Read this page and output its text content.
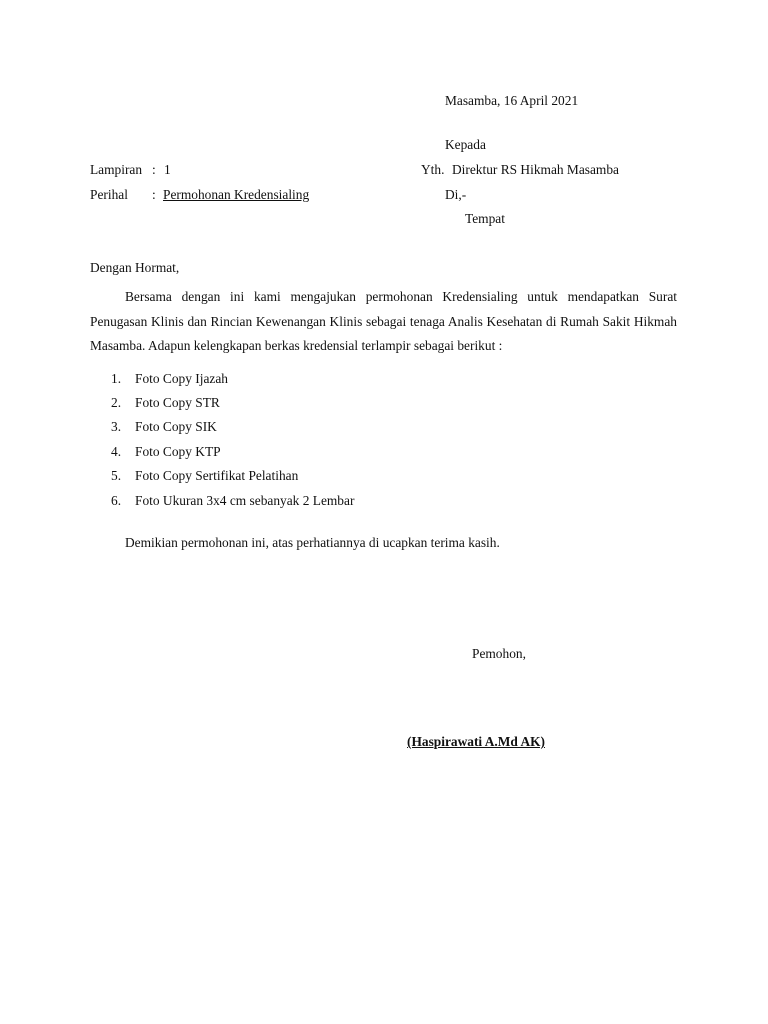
Masamba, 16 April 2021
Kepada
Lampiran : 1	Yth. Direktur RS Hikmah Masamba
Perihal : Permohonan Kredensialing	Di,-
Tempat
Dengan Hormat,

Bersama dengan ini kami mengajukan permohonan Kredensialing untuk mendapatkan Surat Penugasan Klinis dan Rincian Kewenangan Klinis sebagai tenaga Analis Kesehatan di Rumah Sakit Hikmah Masamba. Adapun kelengkapan berkas kredensial terlampir sebagai berikut :

1. Foto Copy Ijazah
2. Foto Copy STR
3. Foto Copy SIK
4. Foto Copy KTP
5. Foto Copy Sertifikat Pelatihan
6. Foto Ukuran 3x4 cm sebanyak 2 Lembar
Demikian permohonan ini, atas perhatiannya di ucapkan terima kasih.
Pemohon,
(Haspirawati A.Md AK)
